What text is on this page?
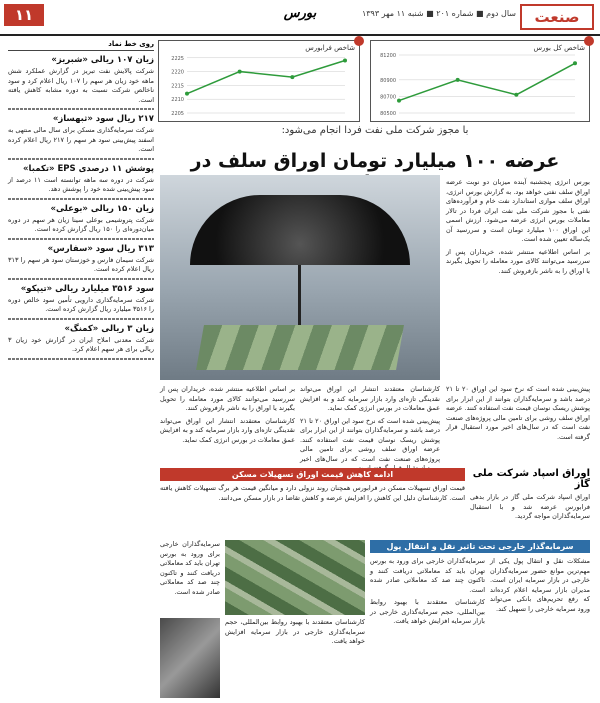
صنعت
سال دوم ■ شماره ۲۰۱ ■ شنبه ۱۱ مهر ۱۳۹۳
بورس
۱۱
شاخص کل بورس
81200
80900
80700
80500
شاخص فرابورس
2225
2220
2215
2210
2205
با مجوز شرکت ملی نفت فردا انجام می‌شود:
عرضه ۱۰۰ میلیارد تومان اوراق سلف در

بورس انرژی پنجشنبه آینده میزبان دو نوبت عرضه اوراق سلف نفتی خواهد بود. به گزارش بورس انرژی، اوراق سلف موازی استاندارد نفت خام و فرآورده‌های نفتی با مجوز شرکت ملی نفت ایران فردا در تالار معاملات بورس انرژی عرضه می‌شود. ارزش اسمی این اوراق ۱۰۰ میلیارد تومان است و سررسید آن یک‌ساله تعیین شده است.

بر اساس اطلاعیه منتشر شده، خریداران پس از سررسید می‌توانند کالای مورد معامله را تحویل بگیرند یا اوراق را به ناشر بازفروش کنند.

پیش‌بینی شده است که نرخ سود این اوراق ۲۰ تا ۲۱ درصد باشد و سرمایه‌گذاران بتوانند از این ابزار برای پوشش ریسک نوسان قیمت نفت استفاده کنند. عرضه اوراق سلف روشی برای تامین مالی پروژه‌های صنعت نفت است که در سال‌های اخیر مورد استقبال قرار گرفته است.

کارشناسان معتقدند انتشار این اوراق می‌تواند نقدینگی تازه‌ای وارد بازار سرمایه کند و به افزایش عمق معاملات در بورس انرژی کمک نماید.

پیش‌بینی شده است که نرخ سود این اوراق ۲۰ تا ۲۱ درصد باشد و سرمایه‌گذاران بتوانند از این ابزار برای پوشش ریسک نوسان قیمت نفت استفاده کنند. عرضه اوراق سلف روشی برای تامین مالی پروژه‌های صنعت نفت است که در سال‌های اخیر

بر اساس اطلاعیه منتشر شده، خریداران پس از سررسید می‌توانند کالای مورد معامله را تحویل بگیرند یا اوراق را به ناشر بازفروش کنند.

کارشناسان معتقدند انتشار این اوراق می‌تواند نقدینگی تازه‌ای وارد بازار سرمایه کند و به افزایش عمق معاملات در بورس انرژی کمک نماید.

ادامه کاهش قیمت اوراق تسهیلات مسکن
قیمت اوراق تسهیلات مسکن در فرابورس همچنان روند نزولی دارد و میانگین قیمت هر برگ تسهیلات کاهش یافته است. کارشناسان دلیل این کاهش را افزایش عرضه و کاهش تقاضا در بازار مسکن می‌دانند.
اوراق اسپاد شرکت ملی گاز
اوراق اسپاد شرکت ملی گاز در بازار بدهی فرابورس عرضه شد و با استقبال سرمایه‌گذاران مواجه گردید.
سرمایه‌گذار خارجی تحت تاثیر نقل و انتقال پول
مشکلات نقل و انتقال پول یکی از مهم‌ترین موانع حضور سرمایه‌گذاران خارجی در بازار سرمایه ایران است. مدیران بازار سرمایه اعلام کرده‌اند که رفع تحریم‌های بانکی می‌تواند ورود سرمایه خارجی را تسهیل کند.

سرمایه‌گذاران خارجی برای ورود به بورس تهران باید کد معاملاتی دریافت کنند و تاکنون چند صد کد معاملاتی صادر شده است.

کارشناسان معتقدند با بهبود روابط بین‌المللی، حجم سرمایه‌گذاری خارجی در بازار سرمایه افزایش خواهد یافت.

کارشناسان معتقدند با بهبود روابط بین‌المللی، حجم سرمایه‌گذاری خارجی در بازار سرمایه افزایش خواهد یافت.
سرمایه‌گذاران خارجی برای ورود به بورس تهران باید کد معاملاتی دریافت کنند و تاکنون چند صد کد معاملاتی صادر شده است.
روی خط نماد
زیان ۱۰۷ ریالی «شبریز»
شرکت پالایش نفت تبریز در گزارش عملکرد شش ماهه خود زیان هر سهم را ۱۰۷ ریال اعلام کرد و سود ناخالص شرکت نسبت به دوره مشابه کاهش یافته است.
۲۱۷ ریال سود «ثبهساز»
شرکت سرمایه‌گذاری مسکن برای سال مالی منتهی به اسفند پیش‌بینی سود هر سهم را ۲۱۷ ریال اعلام کرده است.
پوشش ۱۱ درصدی EPS «تکمبا»
شرکت در دوره سه ماهه توانسته است ۱۱ درصد از سود پیش‌بینی شده خود را پوشش دهد.
زیان ۱۵۰ ریالی «بوعلی»
شرکت پتروشیمی بوعلی سینا زیان هر سهم در دوره میان‌دوره‌ای را ۱۵۰ ریال گزارش کرده است.
۳۱۳ ریال سود «سفارس»
شرکت سیمان فارس و خوزستان سود هر سهم را ۳۱۳ ریال اعلام کرده است.
سود ۳۵۱۶ میلیارد ریالی «تیپکو»
شرکت سرمایه‌گذاری دارویی تأمین سود خالص دوره را ۳۵۱۶ میلیارد ریال گزارش کرده است.
زیان ۳ ریالی «کمنگ»
شرکت معدنی املاح ایران در گزارش خود زیان ۳ ریالی برای هر سهم اعلام کرد.
